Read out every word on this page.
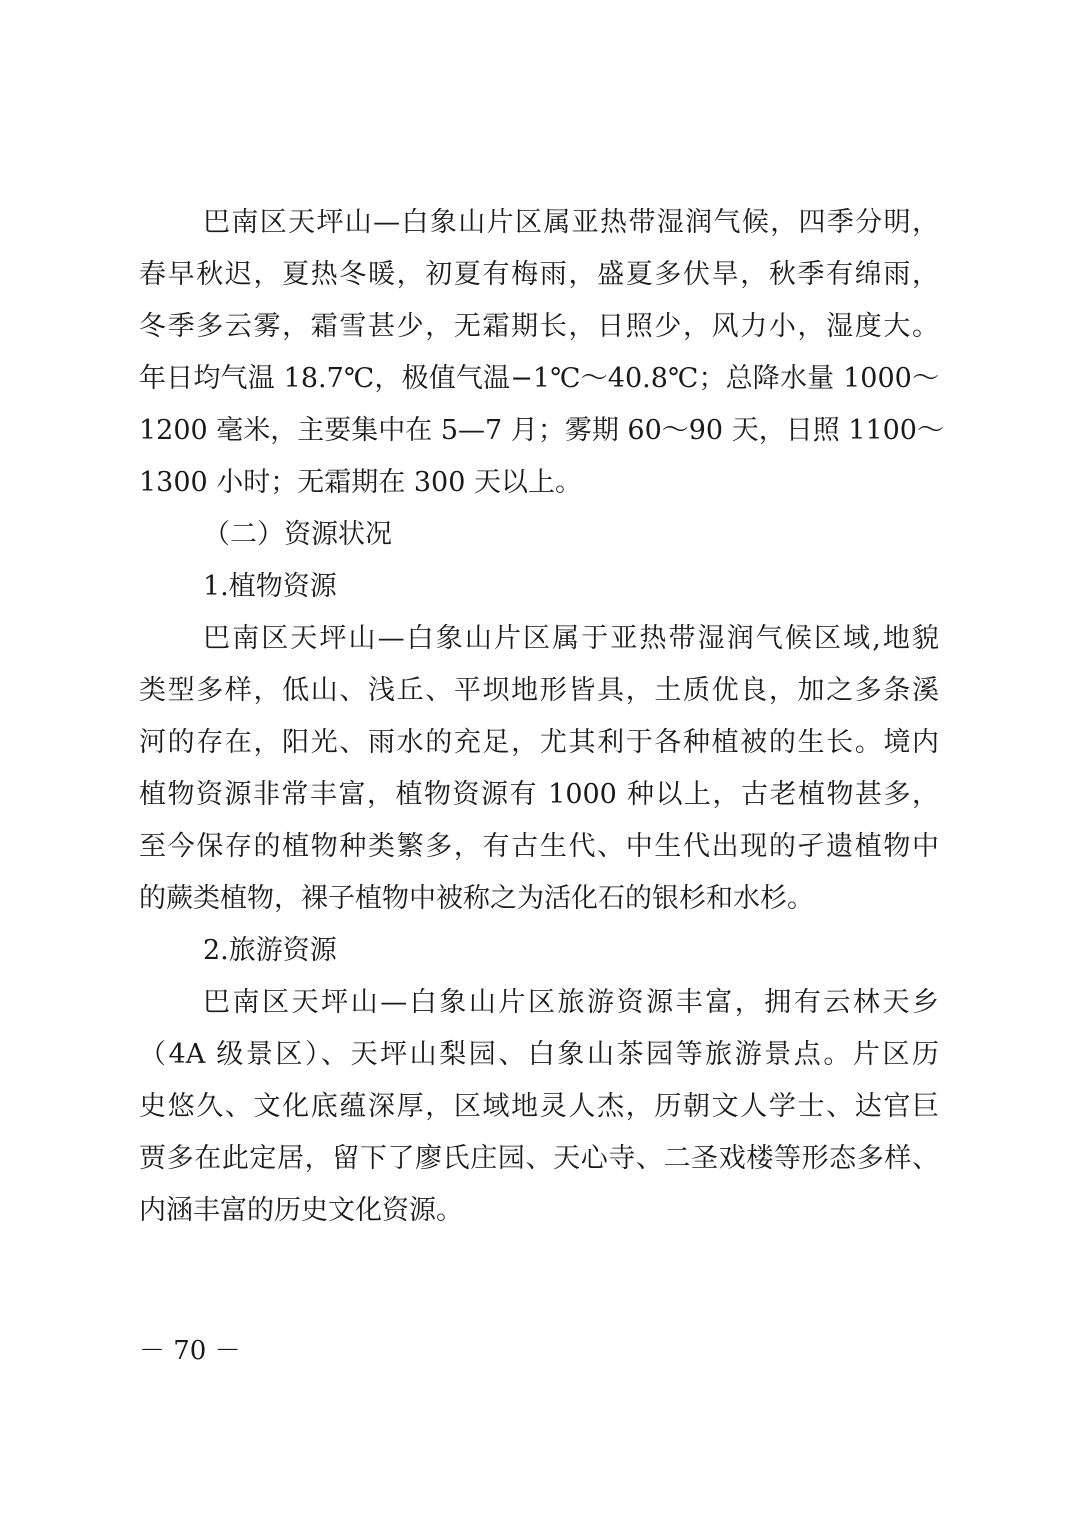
巴南区天坪山—白象山片区属亚热带湿润气候，四季分明，
春早秋迟，夏热冬暖，初夏有梅雨，盛夏多伏旱，秋季有绵雨，
冬季多云雾，霜雪甚少，无霜期长，日照少，风力小，湿度大。
年日均气温 18.7℃，极值气温−1℃～40.8℃；总降水量 1000～
1200 毫米，主要集中在 5—7 月；雾期 60～90 天，日照 1100～
1300 小时；无霜期在 300 天以上。
（二）资源状况
1.植物资源
巴南区天坪山—白象山片区属于亚热带湿润气候区域,地貌
类型多样，低山、浅丘、平坝地形皆具，土质优良，加之多条溪
河的存在，阳光、雨水的充足，尤其利于各种植被的生长。境内
植物资源非常丰富，植物资源有 1000 种以上，古老植物甚多，
至今保存的植物种类繁多，有古生代、中生代出现的孑遗植物中
的蕨类植物，裸子植物中被称之为活化石的银杉和水杉。
2.旅游资源
巴南区天坪山—白象山片区旅游资源丰富，拥有云林天乡
（4A 级景区）、天坪山梨园、白象山茶园等旅游景点。片区历
史悠久、文化底蕴深厚，区域地灵人杰，历朝文人学士、达官巨
贾多在此定居，留下了廖氏庄园、天心寺、二圣戏楼等形态多样、
内涵丰富的历史文化资源。
－ 70 －
